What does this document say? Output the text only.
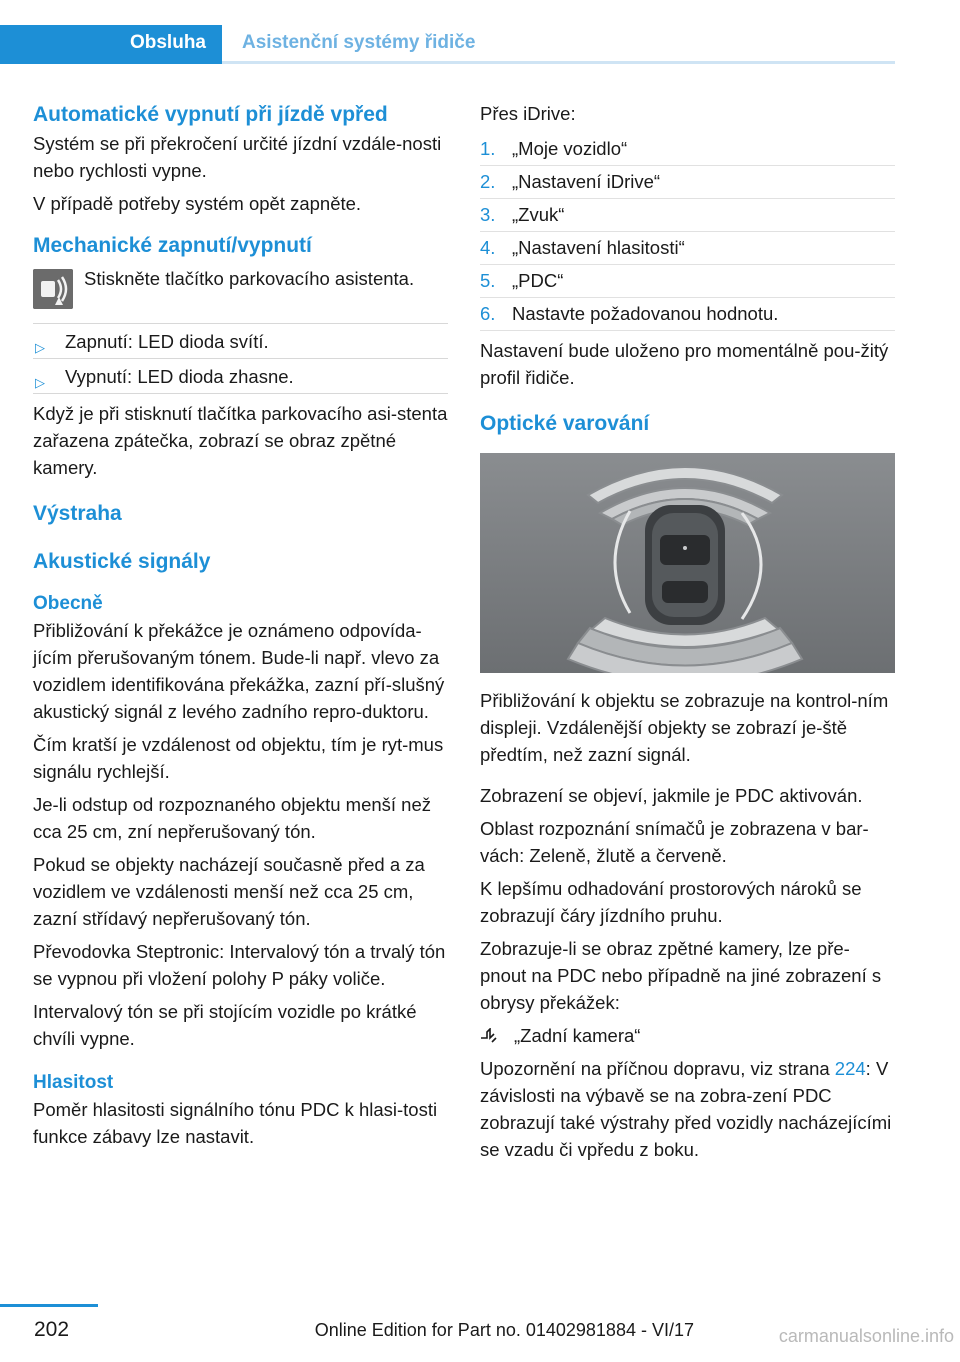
Obsluha	Asistenční systémy řidiče
Automatické vypnutí při jízdě vpřed

Systém se při překročení určité jízdní vzdále-nosti nebo rychlosti vypne.

V případě potřeby systém opět zapněte.

Mechanické zapnutí/vypnutí

Stiskněte tlačítko parkovacího asistenta.

▷ Zapnutí: LED dioda svítí.
▷ Vypnutí: LED dioda zhasne.

Když je při stisknutí tlačítka parkovacího asi-stenta zařazena zpátečka, zobrazí se obraz zpětné kamery.

Výstraha
Akustické signály
Obecně

Přibližování k překážce je oznámeno odpovída-jícím přerušovaným tónem. Bude-li např. vlevo za vozidlem identifikována překážka, zazní pří-slušný akustický signál z levého zadního repro-duktoru.

Čím kratší je vzdálenost od objektu, tím je ryt-mus signálu rychlejší.

Je-li odstup od rozpoznaného objektu menší než cca 25 cm, zní nepřerušovaný tón.

Pokud se objekty nacházejí současně před a za vozidlem ve vzdálenosti menší než cca 25 cm, zazní střídavý nepřerušovaný tón.

Převodovka Steptronic: Intervalový tón a trvalý tón se vypnou při vložení polohy P páky voliče.

Intervalový tón se při stojícím vozidle po krátké chvíli vypne.

Hlasitost

Poměr hlasitosti signálního tónu PDC k hlasi-tosti funkce zábavy lze nastavit.

Přes iDrive:

1. „Moje vozidlo“
2. „Nastavení iDrive“
3. „Zvuk“
4. „Nastavení hlasitosti“
5. „PDC“
6. Nastavte požadovanou hodnotu.

Nastavení bude uloženo pro momentálně pou-žitý profil řidiče.

Optické varování

Přibližování k objektu se zobrazuje na kontrol-ním displeji. Vzdálenější objekty se zobrazí je-ště předtím, než zazní signál.

Zobrazení se objeví, jakmile je PDC aktivován.

Oblast rozpoznání snímačů je zobrazena v bar-vách: Zeleně, žlutě a červeně.

K lepšímu odhadování prostorových nároků se zobrazují čáry jízdního pruhu.

Zobrazuje-li se obraz zpětné kamery, lze pře-pnout na PDC nebo případně na jiné zobrazení s obrysy překážek:

„Zadní kamera“

Upozornění na příčnou dopravu, viz strana 224: V závislosti na výbavě se na zobra-zení PDC zobrazují také výstrahy před vozidly nacházejícími se vzadu či vpředu z boku.

202	Online Edition for Part no. 01402981884 - VI/17	carmanualsonline.info
